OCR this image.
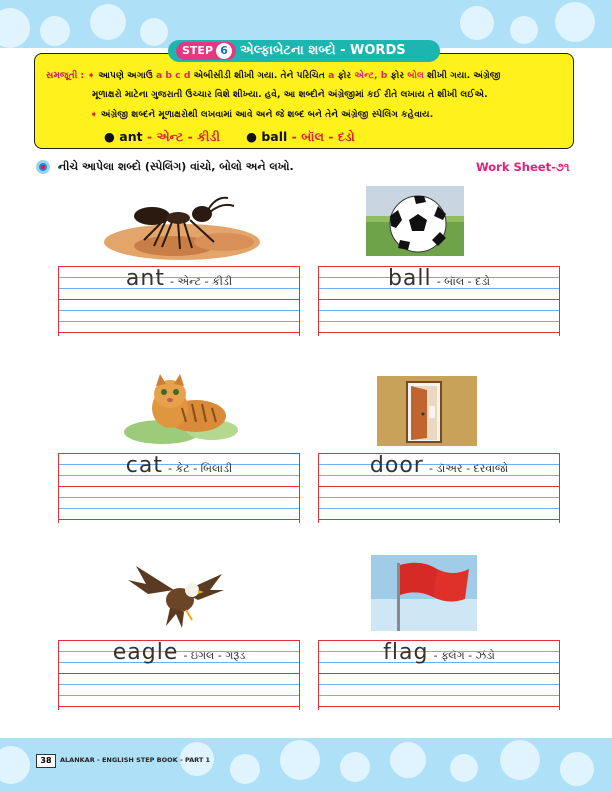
STEP 6 એલ્ફાબેટના શબ્દો - WORDS
સમજૂતી : ➧ આપણે અગાઉ a b c d એબીસીડી શીખી ગયા. તેને પરિચિત a ફોર એન્ટ, b ફોર બોલ શીખી ગયા. અંગ્રેજી
મૂળાક્ષરો માટેના ગુજરાતી ઉચ્ચાર વિશે શીખ્યા. હવે, આ શબ્દોને અંગ્રેજીમાં કઈ રીતે લખાય તે શીખી લઈએ.
➧ અંગ્રેજી શબ્દને મૂળાક્ષરોથી લખવામાં આવે અને જે શબ્દ બને તેને અંગ્રેજી સ્પેલિંગ કહેવાય.
● ant - એન્ટ - કીડી ● ball - બૉલ - દડો
નીચે આપેલા શબ્દો (સ્પેલિંગ) વાંચો, બોલો અને લખો.	Work Sheet-૭૧
ant - એન્ટ - કીડી	ball - બૉલ - દડો
cat - કેટ - બિલાડી	door - ડૉઅર - દરવાજો
eagle - ઇગલ - ગરૂડ	flag - ફ્લૅગ - ઝંડો
38	ALANKAR - ENGLISH STEP BOOK - PART 1
